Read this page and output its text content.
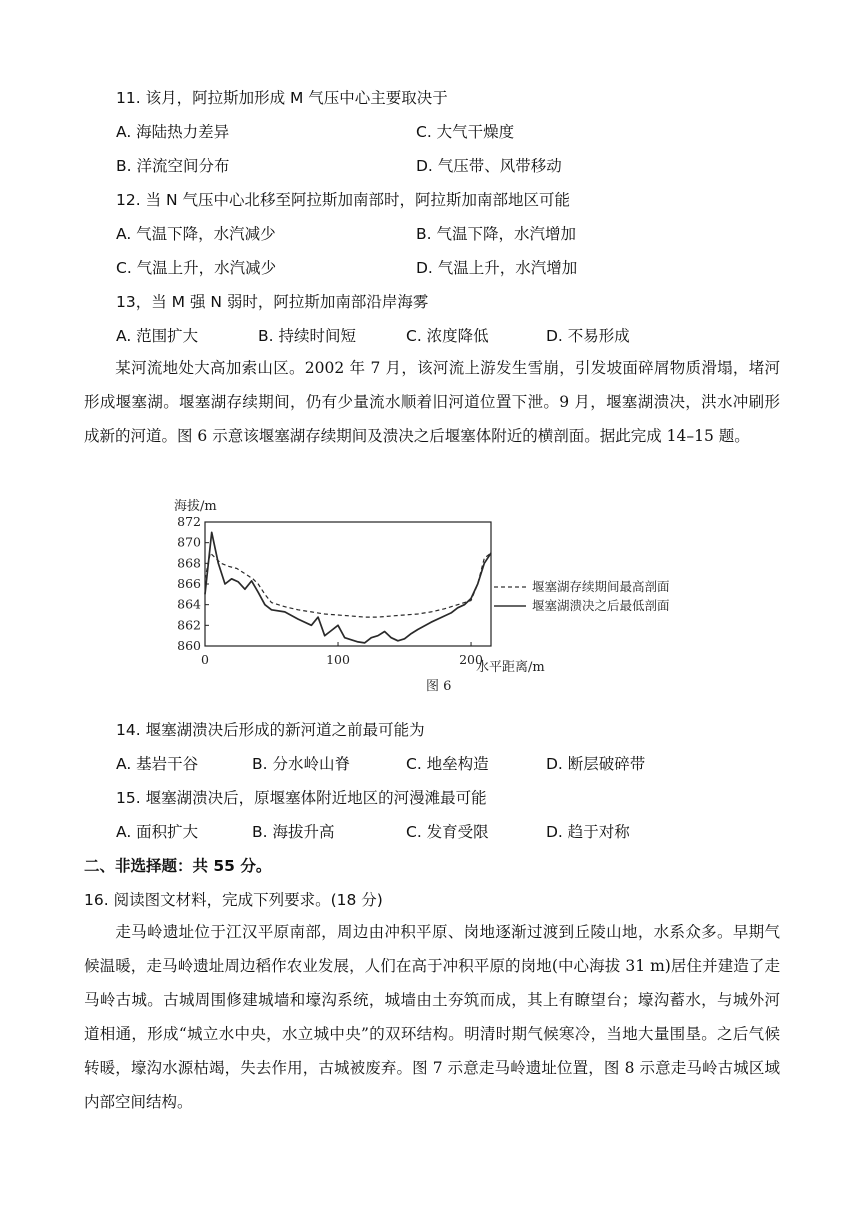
11. 该月，阿拉斯加形成 M 气压中心主要取决于
A. 海陆热力差异	C. 大气干燥度
B. 洋流空间分布	D. 气压带、风带移动
12. 当 N 气压中心北移至阿拉斯加南部时，阿拉斯加南部地区可能
A. 气温下降，水汽减少	B. 气温下降，水汽增加
C. 气温上升，水汽减少	D. 气温上升，水汽增加
13，当 M 强 N 弱时，阿拉斯加南部沿岸海雾
A. 范围扩大	B. 持续时间短	C. 浓度降低	D. 不易形成
某河流地处大高加索山区。2002 年 7 月，该河流上游发生雪崩，引发坡面碎屑物质滑塌，堵河形成堰塞湖。堰塞湖存续期间，仍有少量流水顺着旧河道位置下泄。9 月，堰塞湖溃决，洪水冲刷形成新的河道。图 6 示意该堰塞湖存续期间及溃决之后堰塞体附近的横剖面。据此完成 14–15 题。
海拔/m
872
870
868
866
864
862
860
0	100	200
水平距离/m
堰塞湖存续期间最高剖面
堰塞湖溃决之后最低剖面
图 6
14. 堰塞湖溃决后形成的新河道之前最可能为
A. 基岩干谷	B. 分水岭山脊	C. 地垒构造	D. 断层破碎带
15. 堰塞湖溃决后，原堰塞体附近地区的河漫滩最可能
A. 面积扩大	B. 海拔升高	C. 发育受限	D. 趋于对称
二、非选择题：共 55 分。
16. 阅读图文材料，完成下列要求。(18 分)
走马岭遗址位于江汉平原南部，周边由冲积平原、岗地逐渐过渡到丘陵山地，水系众多。早期气候温暖，走马岭遗址周边稻作农业发展，人们在高于冲积平原的岗地(中心海拔 31 m)居住并建造了走马岭古城。古城周围修建城墙和壕沟系统，城墙由土夯筑而成，其上有瞭望台；壕沟蓄水，与城外河道相通，形成“城立水中央，水立城中央”的双环结构。明清时期气候寒冷，当地大量围垦。之后气候转暖，壕沟水源枯竭，失去作用，古城被废弃。图 7 示意走马岭遗址位置，图 8 示意走马岭古城区域内部空间结构。
